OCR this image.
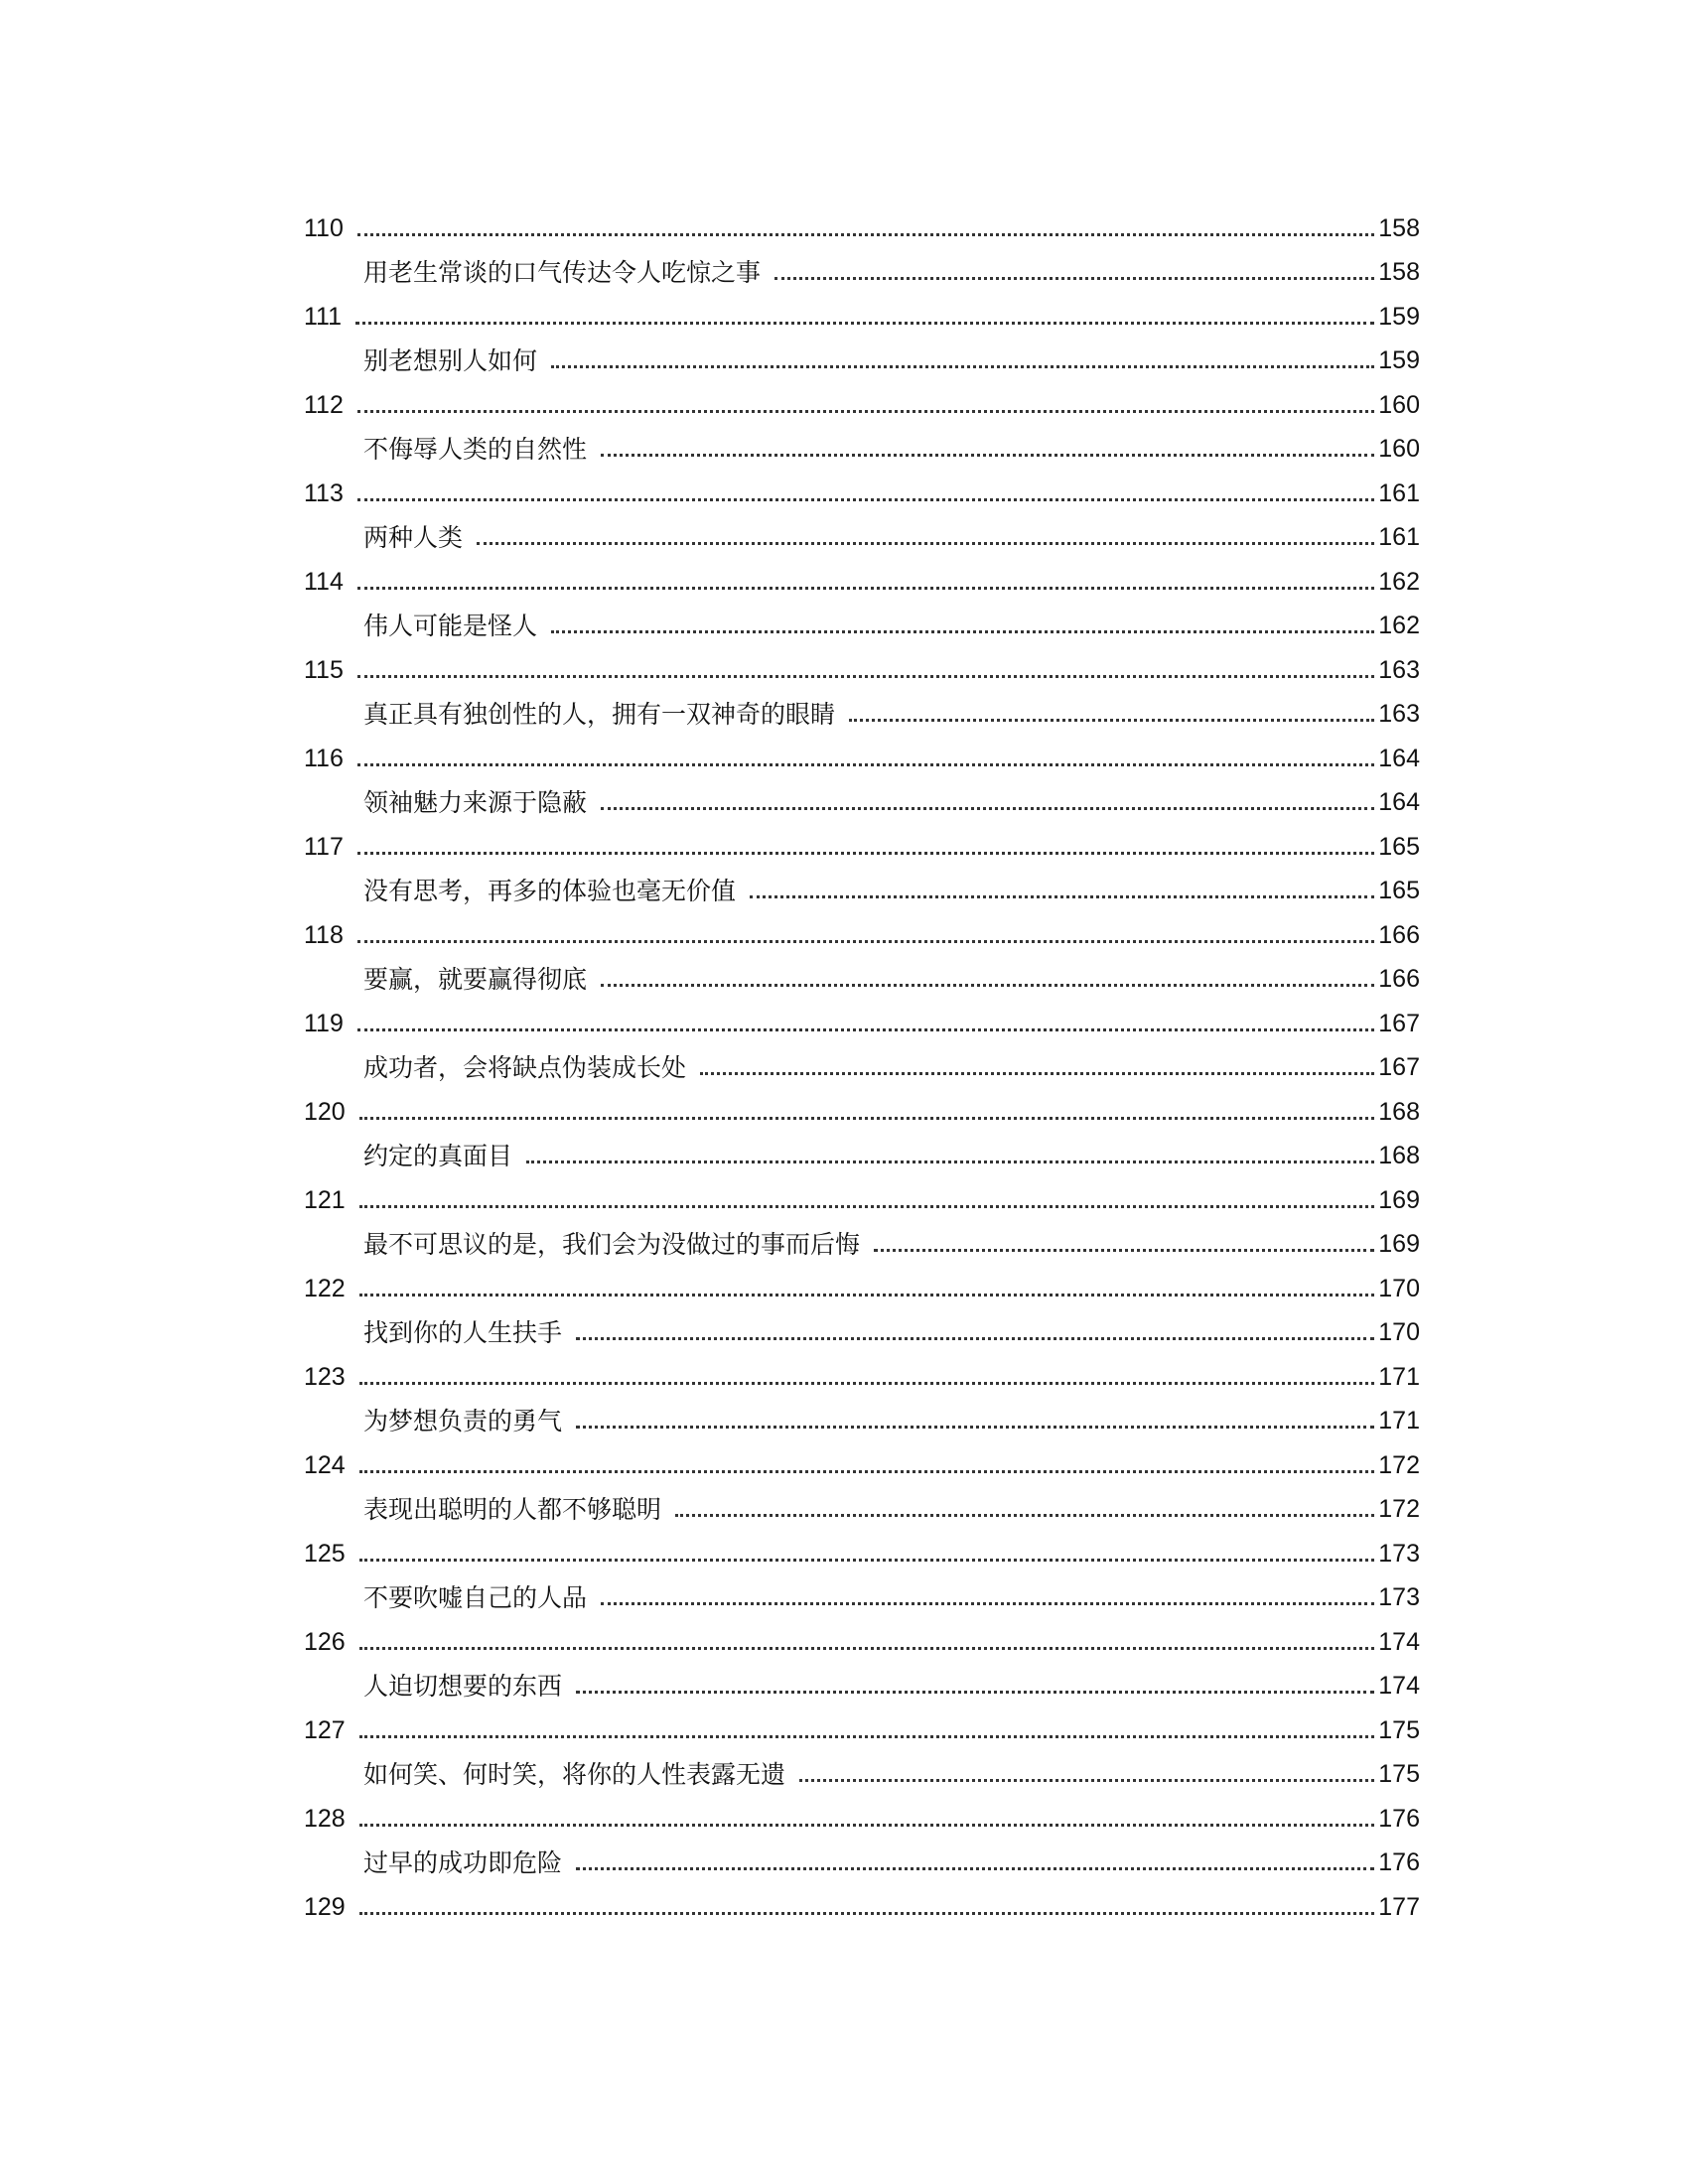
110	158
用老生常谈的口气传达令人吃惊之事	158
111	159
别老想别人如何	159
112	160
不侮辱人类的自然性	160
113	161
两种人类	161
114	162
伟人可能是怪人	162
115	163
真正具有独创性的人，拥有一双神奇的眼睛	163
116	164
领袖魅力来源于隐蔽	164
117	165
没有思考，再多的体验也毫无价值	165
118	166
要赢，就要赢得彻底	166
119	167
成功者，会将缺点伪装成长处	167
120	168
约定的真面目	168
121	169
最不可思议的是，我们会为没做过的事而后悔	169
122	170
找到你的人生扶手	170
123	171
为梦想负责的勇气	171
124	172
表现出聪明的人都不够聪明	172
125	173
不要吹嘘自己的人品	173
126	174
人迫切想要的东西	174
127	175
如何笑、何时笑，将你的人性表露无遗	175
128	176
过早的成功即危险	176
129	177
